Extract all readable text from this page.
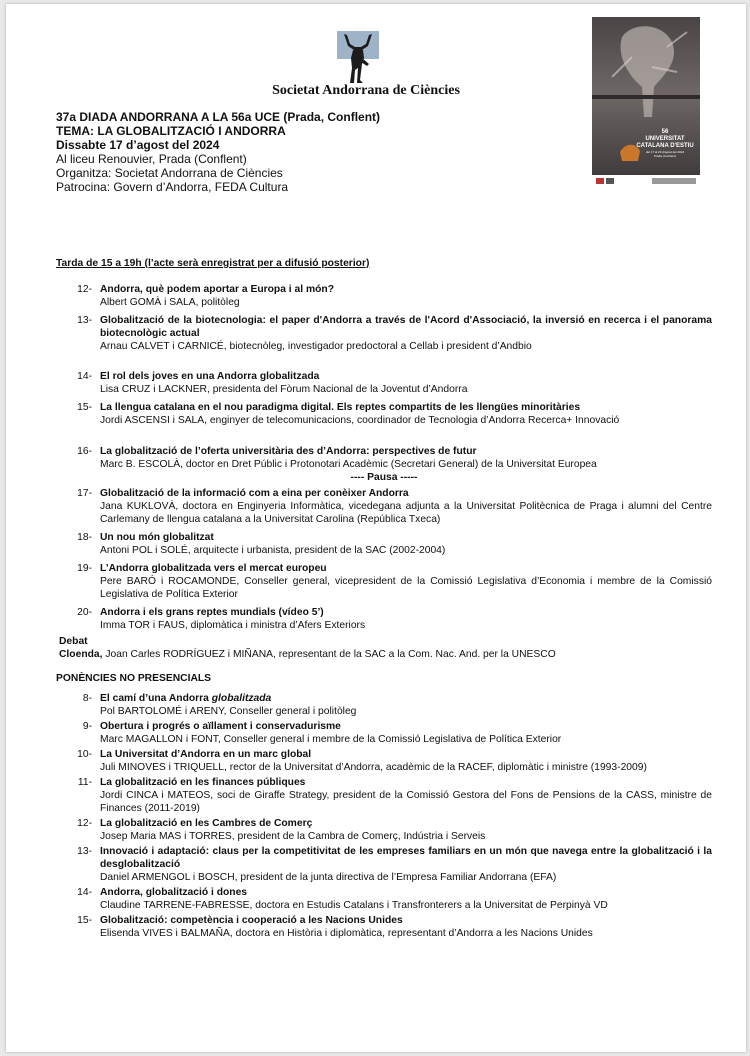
Societat Andorrana de Ciències
56
UNIVERSITAT
CATALANA D'ESTIU
del 17 al 23 d'agost del 2024
Prada (Conflent)
37a DIADA ANDORRANA A LA 56a UCE (Prada, Conflent)
TEMA: LA GLOBALITZACIÓ I ANDORRA
Dissabte 17 d’agost del 2024
Al liceu Renouvier, Prada (Conflent)
Organitza: Societat Andorrana de Ciències
Patrocina: Govern d’Andorra, FEDA Cultura
Tarda de 15 a 19h (l’acte serà enregistrat per a difusió posterior)
12- Andorra, què podem aportar a Europa i al món?
Albert GOMÀ i SALA, politòleg
13- Globalització de la biotecnologia: el paper d'Andorra a través de l'Acord d'Associació, la inversió en recerca i el panorama biotecnològic actual
Arnau CALVET i CARNICÉ, biotecnòleg, investigador predoctoral a Cellab i president d’Andbio
14- El rol dels joves en una Andorra globalitzada
Lisa CRUZ i LACKNER, presidenta del Fòrum Nacional de la Joventut d’Andorra
15- La llengua catalana en el nou paradigma digital. Els reptes compartits de les llengües minoritàries
Jordi ASCENSI i SALA, enginyer de telecomunicacions, coordinador de Tecnologia d’Andorra Recerca+ Innovació
16- La globalització de l’oferta universitària des d’Andorra: perspectives de futur
Marc B. ESCOLÀ, doctor en Dret Públic i Protonotari Acadèmic (Secretari General) de la Universitat Europea
---- Pausa -----
17- Globalització de la informació com a eina per conèixer Andorra
Jana KUKLOVÀ, doctora en Enginyeria Informàtica, vicedegana adjunta a la Universitat Politècnica de Praga i alumni del Centre Carlemany de llengua catalana a la Universitat Carolina (República Txeca)
18- Un nou món globalitzat
Antoni POL i SOLÉ, arquitecte i urbanista, president de la SAC (2002-2004)
19- L’Andorra globalitzada vers el mercat europeu
Pere BARÓ i ROCAMONDE, Conseller general, vicepresident de la Comissió Legislativa d’Economia i membre de la Comissió Legislativa de Política Exterior
20- Andorra i els grans reptes mundials (vídeo 5’)
Imma TOR i FAUS, diplomàtica i ministra d’Afers Exteriors
Debat
Cloenda, Joan Carles RODRÍGUEZ i MIÑANA, representant de la SAC a la Com. Nac. And. per la UNESCO
PONÈNCIES NO PRESENCIALS
8- El camí d’una Andorra globalitzada
Pol BARTOLOMÉ i ARENY, Conseller general i politòleg
9- Obertura i progrés o aïllament i conservadurisme
Marc MAGALLON i FONT, Conseller general i membre de la Comissió Legislativa de Política Exterior
10- La Universitat d’Andorra en un marc global
Juli MINOVES i TRIQUELL, rector de la Universitat d’Andorra, acadèmic de la RACEF, diplomàtic i ministre (1993-2009)
11- La globalització en les finances públiques
Jordi CINCA i MATEOS, soci de Giraffe Strategy, president de la Comissió Gestora del Fons de Pensions de la CASS, ministre de Finances (2011-2019)
12- La globalització en les Cambres de Comerç
Josep Maria MAS i TORRES, president de la Cambra de Comerç, Indústria i Serveis
13- Innovació i adaptació: claus per la competitivitat de les empreses familiars en un món que navega entre la globalització i la desglobalització
Daniel ARMENGOL i BOSCH, president de la junta directiva de l’Empresa Familiar Andorrana (EFA)
14- Andorra, globalització i dones
Claudine TARRENE-FABRESSE, doctora en Estudis Catalans i Transfronterers a la Universitat de Perpinyà VD
15- Globalització: competència i cooperació a les Nacions Unides
Elisenda VIVES i BALMAÑA, doctora en Història i diplomàtica, representant d’Andorra a les Nacions Unides
